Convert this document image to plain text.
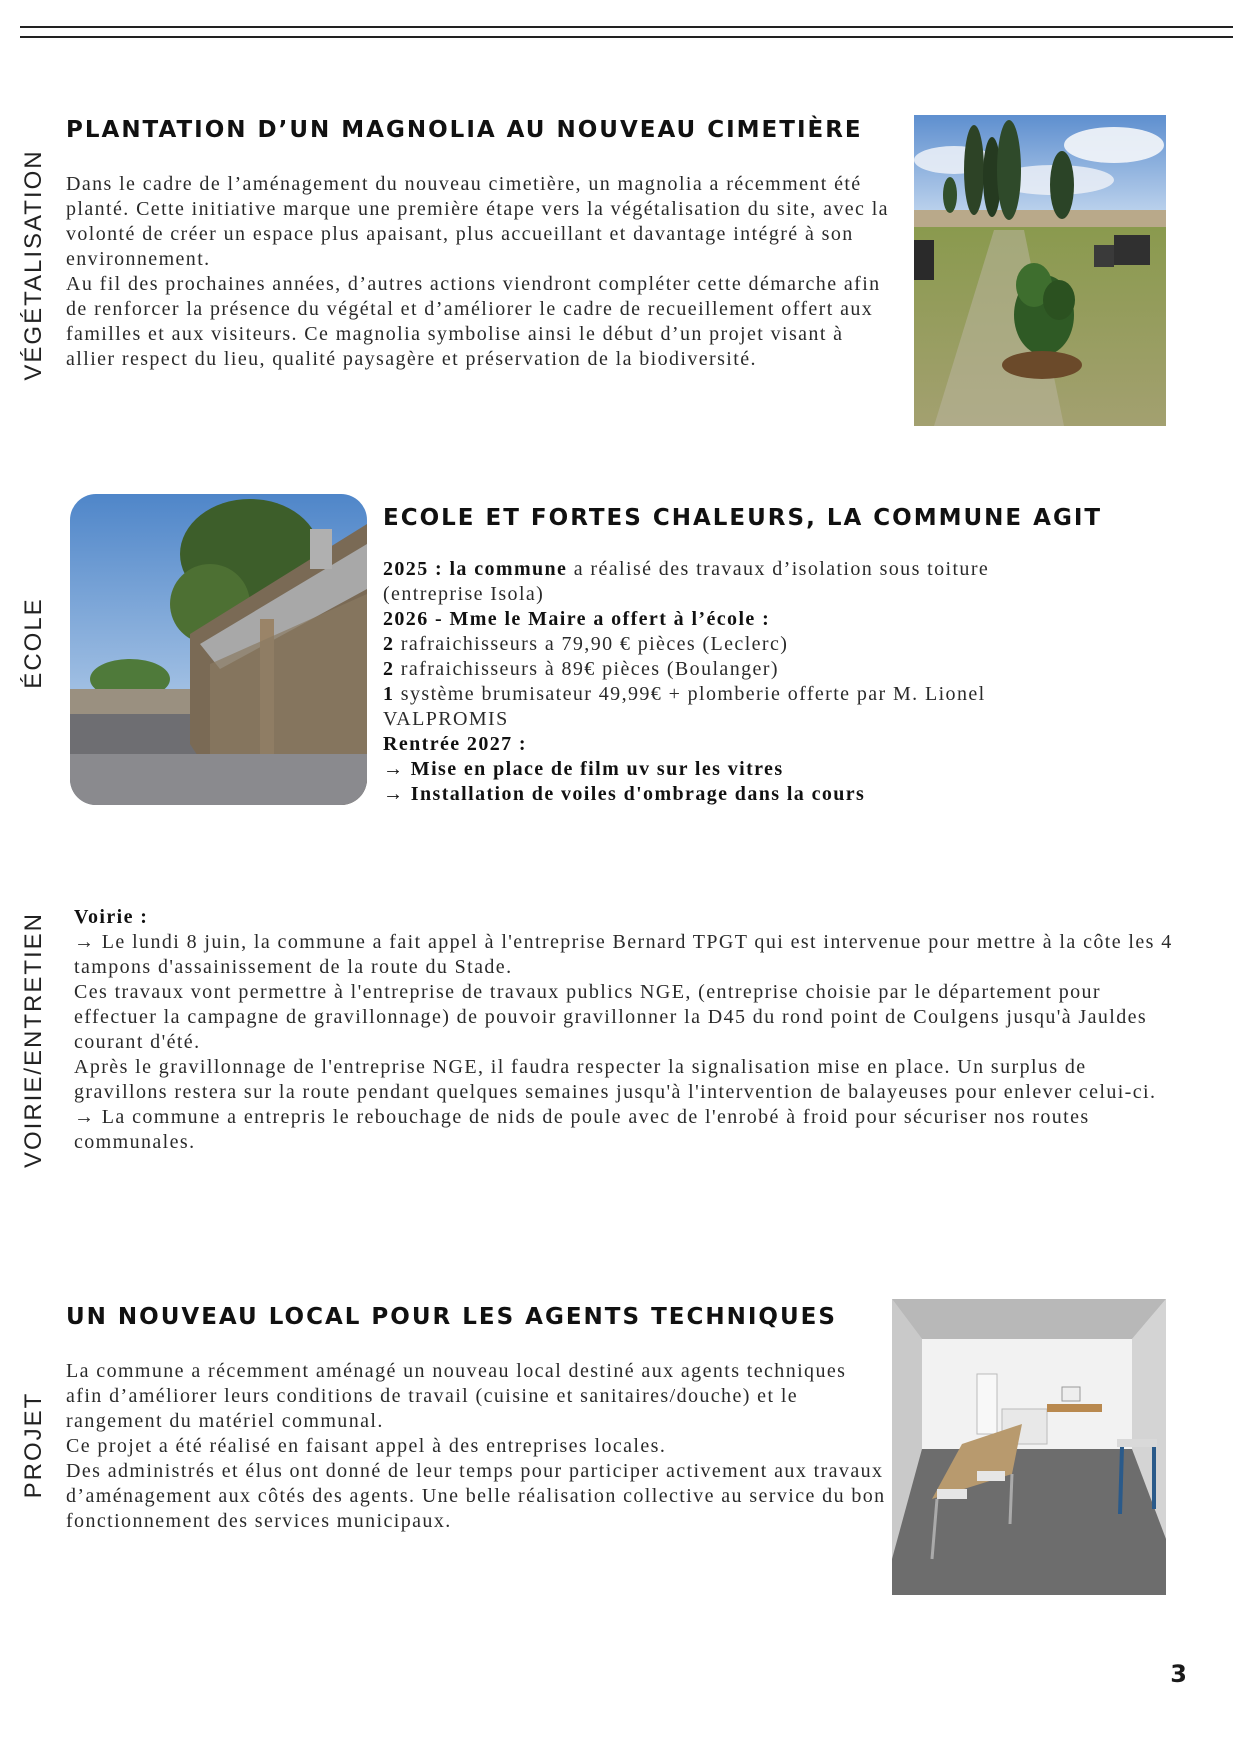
VÉGÉTALISATION
PLANTATION D’UN MAGNOLIA AU NOUVEAU CIMETIÈRE

Dans le cadre de l’aménagement du nouveau cimetière, un magnolia a récemment été planté. Cette initiative marque une première étape vers la végétalisation du site, avec la volonté de créer un espace plus apaisant, plus accueillant et davantage intégré à son environnement.

Au fil des prochaines années, d’autres actions viendront compléter cette démarche afin de renforcer la présence du végétal et d’améliorer le cadre de recueillement offert aux familles et aux visiteurs. Ce magnolia symbolise ainsi le début d’un projet visant à allier respect du lieu, qualité paysagère et préservation de la biodiversité.

ÉCOLE
ECOLE ET FORTES CHALEURS, LA COMMUNE AGIT

2025 : la commune a réalisé des travaux d’isolation sous toiture (entreprise Isola)

2026 - Mme le Maire a offert à l’école :

2 rafraichisseurs a 79,90 € pièces (Leclerc)

2 rafraichisseurs à 89€ pièces (Boulanger)

1 système brumisateur 49,99€ + plomberie offerte par M. Lionel VALPROMIS

Rentrée 2027 :

→ Mise en place de film uv sur les vitres

→ Installation de voiles d'ombrage dans la cours

VOIRIE/ENTRETIEN Voirie :

→ Le lundi 8 juin, la commune a fait appel à l'entreprise Bernard TPGT qui est intervenue pour mettre à la côte les 4 tampons d'assainissement de la route du Stade.

Ces travaux vont permettre à l'entreprise de travaux publics NGE, (entreprise choisie par le département pour effectuer la campagne de gravillonnage) de pouvoir gravillonner la D45 du rond point de Coulgens jusqu'à Jauldes courant d'été.

Après le gravillonnage de l'entreprise NGE, il faudra respecter la signalisation mise en place. Un surplus de gravillons restera sur la route pendant quelques semaines jusqu'à l'intervention de balayeuses pour enlever celui-ci.

→ La commune a entrepris le rebouchage de nids de poule avec de l'enrobé à froid pour sécuriser nos routes communales.

PROJET
UN NOUVEAU LOCAL POUR LES AGENTS TECHNIQUES

La commune a récemment aménagé un nouveau local destiné aux agents techniques afin d’améliorer leurs conditions de travail (cuisine et sanitaires/douche) et le rangement du matériel communal.

Ce projet a été réalisé en faisant appel à des entreprises locales.

Des administrés et élus ont donné de leur temps pour participer activement aux travaux d’aménagement aux côtés des agents. Une belle réalisation collective au service du bon fonctionnement des services municipaux.

3
